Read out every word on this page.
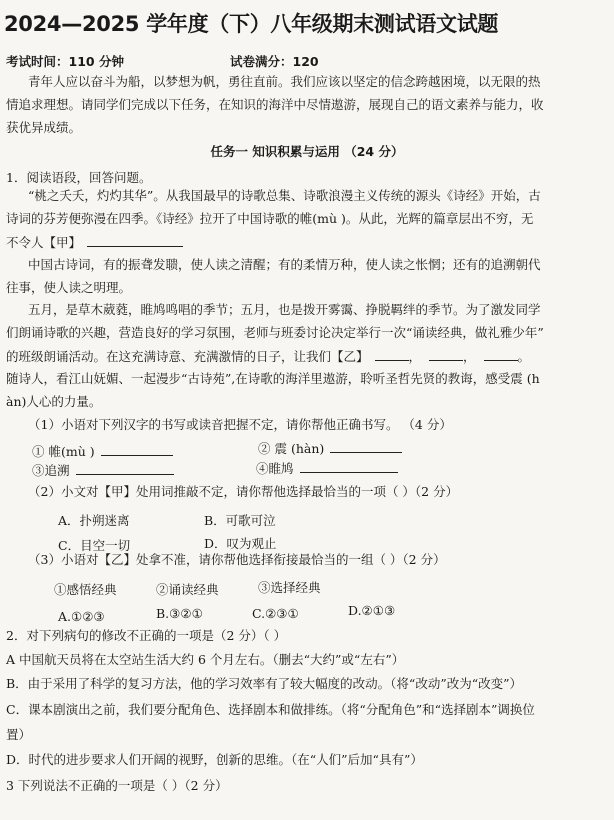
2024—2025 学年度（下）八年级期末测试语文试题
考试时间：110 分钟	试卷满分：120
青年人应以奋斗为船，以梦想为帆，勇往直前。我们应该以坚定的信念跨越困境，以无限的热
情追求理想。请同学们完成以下任务，在知识的海洋中尽情遨游，展现自己的语文素养与能力，收
获优异成绩。
任务一 知识积累与运用 （24 分）
1．阅读语段，回答问题。
“桃之夭夭，灼灼其华”。从我国最早的诗歌总集、诗歌浪漫主义传统的源头《诗经》开始，古
诗词的芬芳便弥漫在四季。《诗经》拉开了中国诗歌的帷(mù )。从此，光辉的篇章层出不穷，无
不令人【甲】
中国古诗词，有的振聋发聩，使人读之清醒；有的柔情万种，使人读之怅惘；还有的追溯朝代
往事，使人读之明理。
五月，是草木葳蕤，睢鸠鸣唱的季节；五月，也是拨开雾霭、挣脱羁绊的季节。为了激发同学
们朗诵诗歌的兴趣，营造良好的学习氛围，老师与班委讨论决定举行一次“诵读经典，做礼雅少年”
的班级朗诵活动。在这充满诗意、充满激情的日子，让我们【乙】	，	，	。
随诗人，看江山妩媚、一起漫步“古诗苑”,在诗歌的海洋里遨游，聆听圣哲先贤的教诲，感受震 (h
àn)人心的力量。
（1）小语对下列汉字的书写或读音把握不定，请你帮他正确书写。 （4 分）
① 帷(mù )	② 震 (hàn)
③追溯	④睢鸠
（2）小文对【甲】处用词推敲不定，请你帮他选择最恰当的一项（ ）（2 分）
A．扑朔迷离	B．可歌可泣
C．目空一切	D．叹为观止
（3）小语对【乙】处拿不准，请你帮他选择衔接最恰当的一组（ ）（2 分）
①感悟经典	②诵读经典	③选择经典
A.①②③	B.③②①	C.②③①	D.②①③
2．对下列病句的修改不正确的一项是（2 分）（ ）
A 中国航天员将在太空站生活大约 6 个月左右。（删去“大约”或“左右”）
B．由于采用了科学的复习方法，他的学习效率有了较大幅度的改动。（将“改动”改为“改变”）
C．课本剧演出之前，我们要分配角色、选择剧本和做排练。（将“分配角色”和“选择剧本”调换位
置）
D．时代的进步要求人们开阔的视野，创新的思维。（在“人们”后加“具有”）
3 下列说法不正确的一项是（ ）（2 分）
